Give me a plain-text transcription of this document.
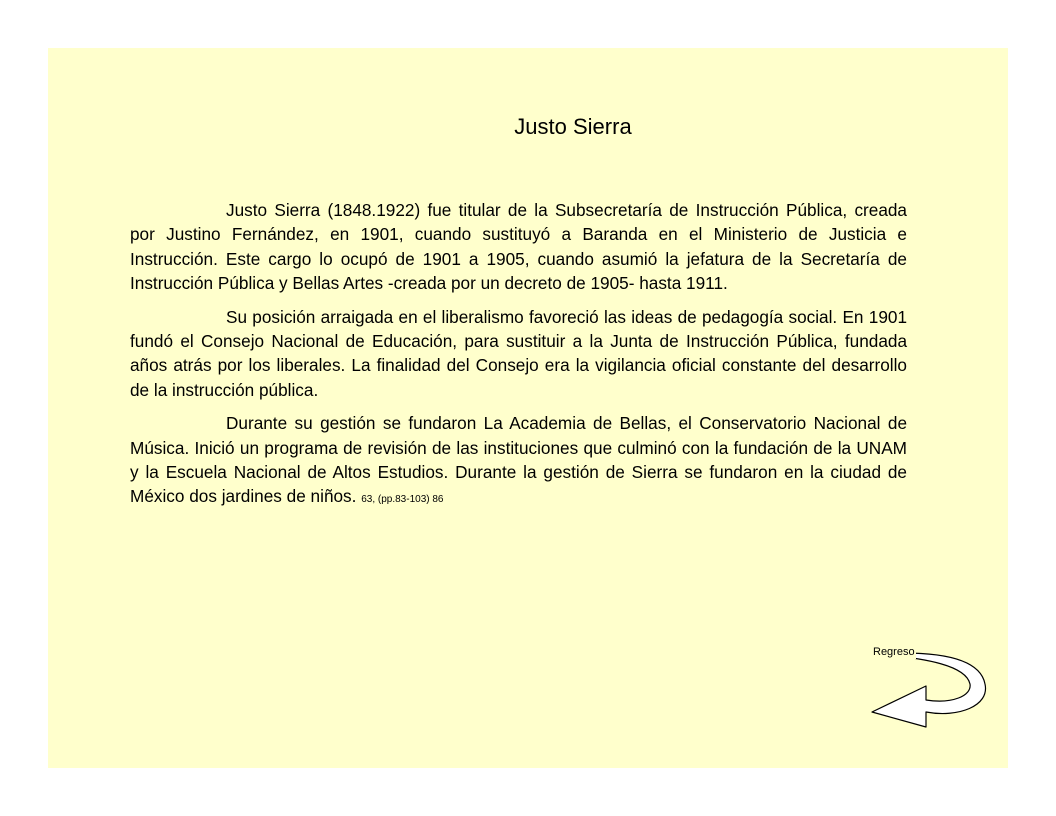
Justo Sierra

Justo Sierra (1848.1922) fue titular de la Subsecretaría de Instrucción Pública, creada por Justino Fernández, en 1901, cuando sustituyó a Baranda en el Ministerio de Justicia e Instrucción. Este cargo lo ocupó de 1901 a 1905, cuando asumió la jefatura de la Secretaría de Instrucción Pública y Bellas Artes -creada por un decreto de 1905- hasta 1911.

Su posición arraigada en el liberalismo favoreció las ideas de pedagogía social. En 1901 fundó el Consejo Nacional de Educación, para sustituir a la Junta de Instrucción Pública, fundada años atrás por los liberales. La finalidad del Consejo era la vigilancia oficial constante del desarrollo de la instrucción pública.

Durante su gestión se fundaron La Academia de Bellas, el Conservatorio Nacional de Música. Inició un programa de revisión de las instituciones que culminó con la fundación de la UNAM y la Escuela Nacional de Altos Estudios. Durante la gestión de Sierra se fundaron en la ciudad de México dos jardines de niños. 63, (pp.83-103) 86

Regreso
